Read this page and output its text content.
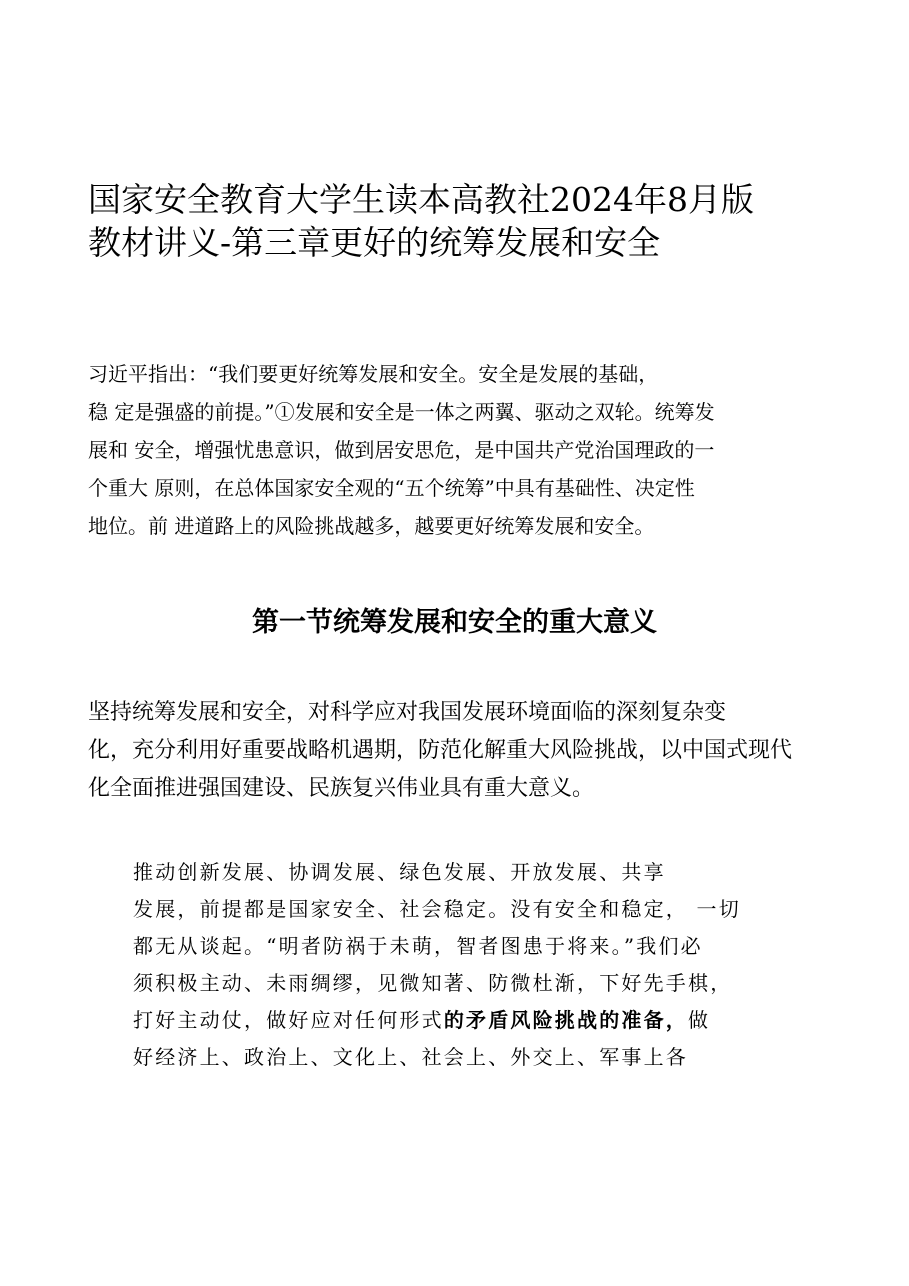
国家安全教育大学生读本高教社2024年8月版
教材讲义-第三章更好的统筹发展和安全

习近平指出：“我们要更好统筹发展和安全。安全是发展的基础，
稳 定是强盛的前提。”①发展和安全是一体之两翼、驱动之双轮。统筹发
展和 安全，增强忧患意识，做到居安思危，是中国共产党治国理政的一
个重大 原则，在总体国家安全观的“五个统筹”中具有基础性、决定性
地位。前 进道路上的风险挑战越多，越要更好统筹发展和安全。

第一节统筹发展和安全的重大意义

坚持统筹发展和安全，对科学应对我国发展环境面临的深刻复杂变
化，充分利用好重要战略机遇期，防范化解重大风险挑战，以中国式现代
化全面推进强国建设、民族复兴伟业具有重大意义。

推动创新发展、协调发展、绿色发展、开放发展、共享
发展，前提都是国家安全、社会稳定。没有安全和稳定， 一切
都无从谈起。“明者防祸于未萌，智者图患于将来。”我们必
须积极主动、未雨绸缪，见微知著、防微杜渐，下好先手棋，
打好主动仗，做好应对任何形式的矛盾风险挑战的准备，做
好经济上、政治上、文化上、社会上、外交上、军事上各
